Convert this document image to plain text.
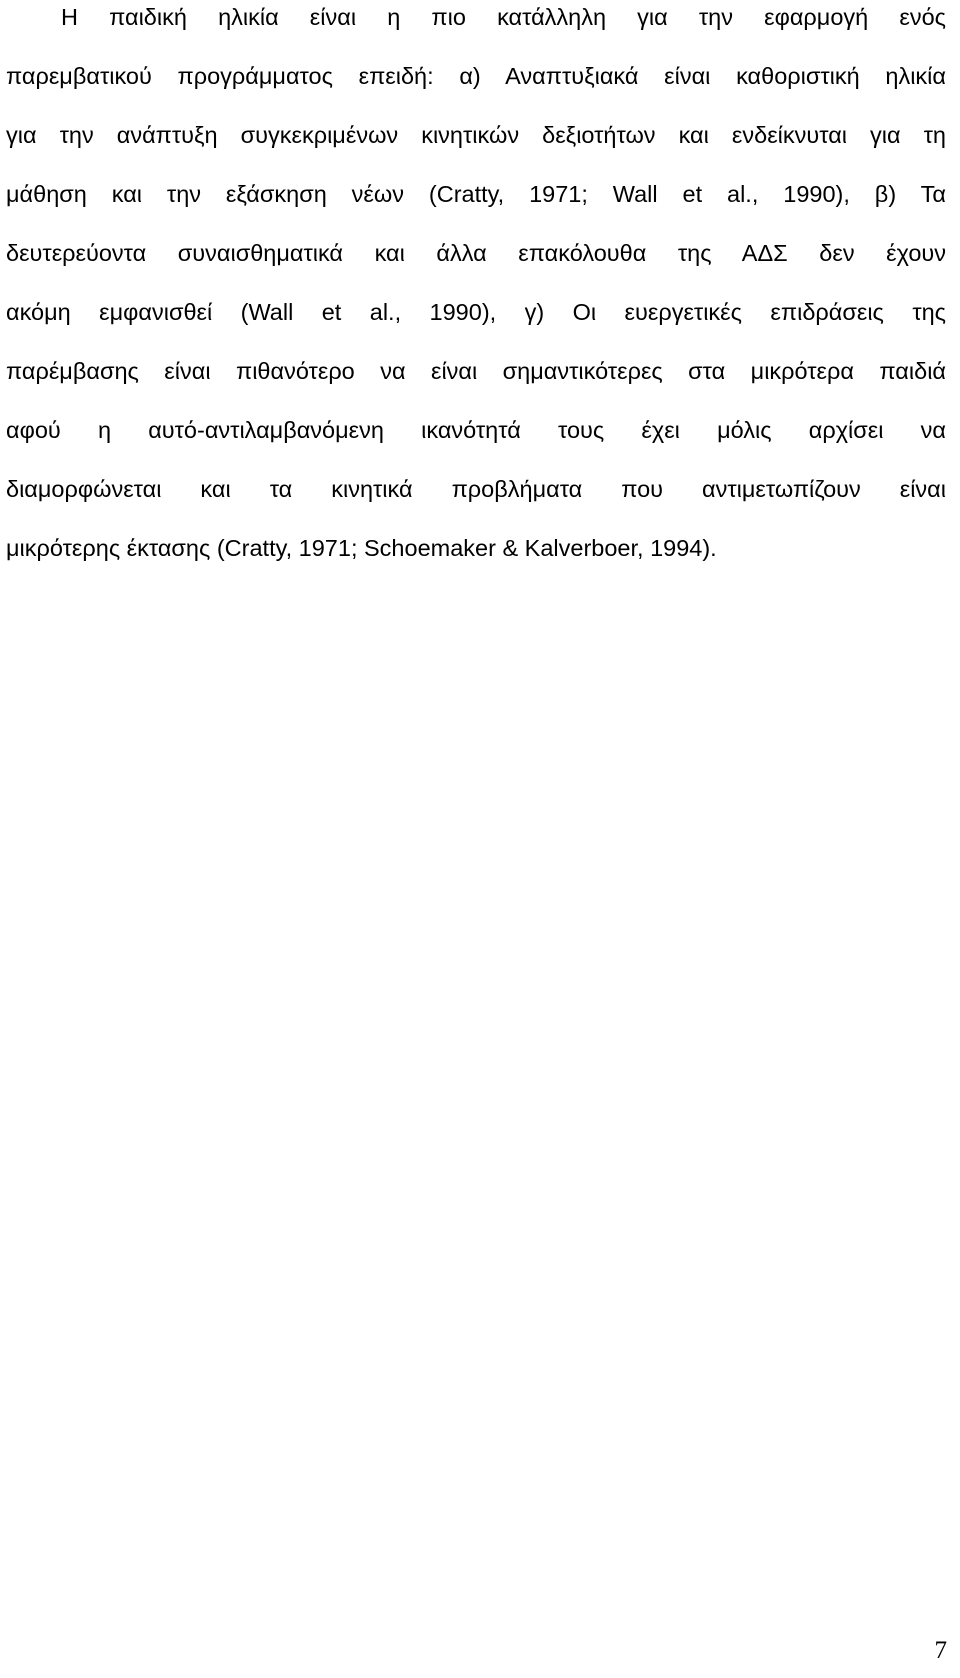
Η παιδική ηλικία είναι η πιο κατάλληλη για την εφαρμογή ενός
παρεμβατικού προγράμματος επειδή: α) Αναπτυξιακά είναι καθοριστική ηλικία
για την ανάπτυξη συγκεκριμένων κινητικών δεξιοτήτων και ενδείκνυται για τη
μάθηση και την εξάσκηση νέων (Cratty, 1971; Wall et al., 1990), β) Τα
δευτερεύοντα συναισθηματικά και άλλα επακόλουθα της ΑΔΣ δεν έχουν
ακόμη εμφανισθεί (Wall et al., 1990), γ) Οι ευεργετικές επιδράσεις της
παρέμβασης είναι πιθανότερο να είναι σημαντικότερες στα μικρότερα παιδιά
αφού η αυτό-αντιλαμβανόμενη ικανότητά τους έχει μόλις αρχίσει να
διαμορφώνεται και τα κινητικά προβλήματα που αντιμετωπίζουν είναι
μικρότερης έκτασης (Cratty, 1971; Schoemaker & Kalverboer, 1994).
7
